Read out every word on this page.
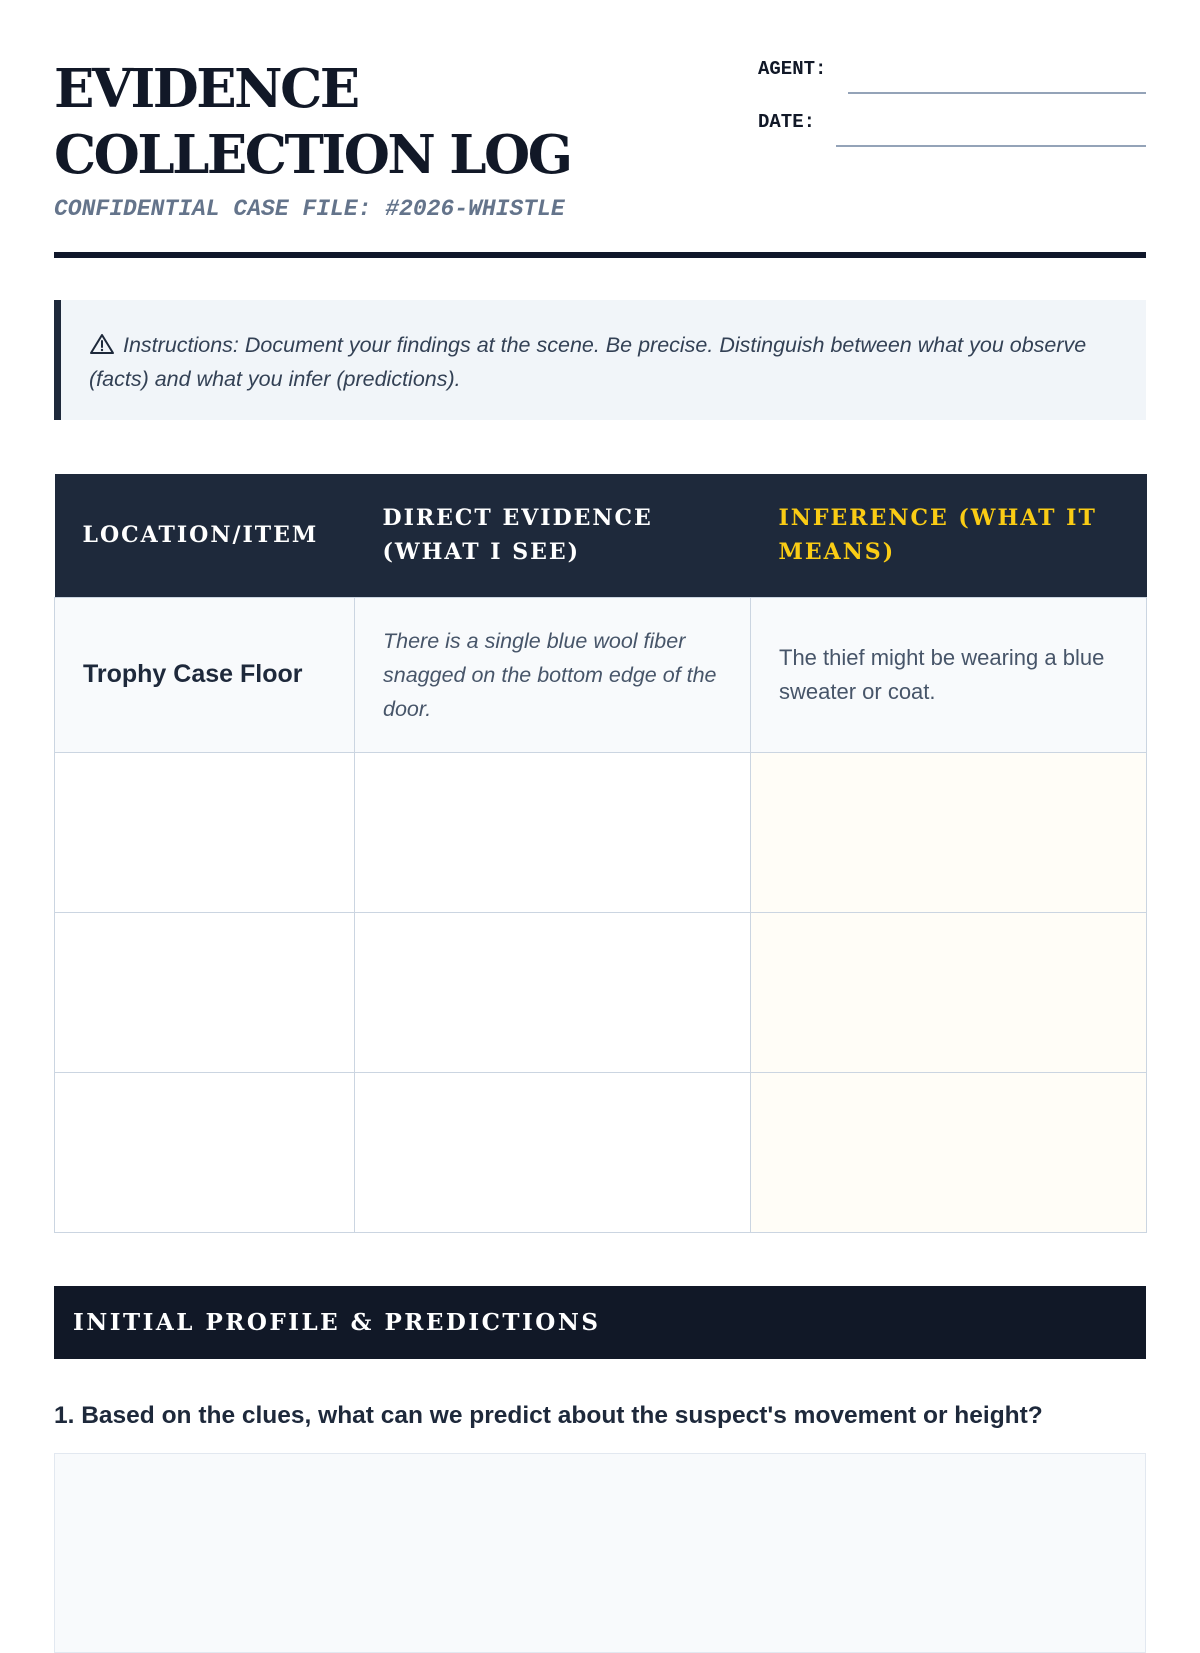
EVIDENCE COLLECTION LOG
CONFIDENTIAL CASE FILE: #2026-WHISTLE
AGENT:
DATE:
Instructions: Document your findings at the scene. Be precise. Distinguish between what you observe (facts) and what you infer (predictions).
LOCATION/ITEM	DIRECT EVIDENCE (WHAT I SEE)	INFERENCE (WHAT IT MEANS)
Trophy Case Floor	There is a single blue wool fiber snagged on the bottom edge of the door.	The thief might be wearing a blue sweater or coat.

INITIAL PROFILE & PREDICTIONS
1. Based on the clues, what can we predict about the suspect's movement or height?
